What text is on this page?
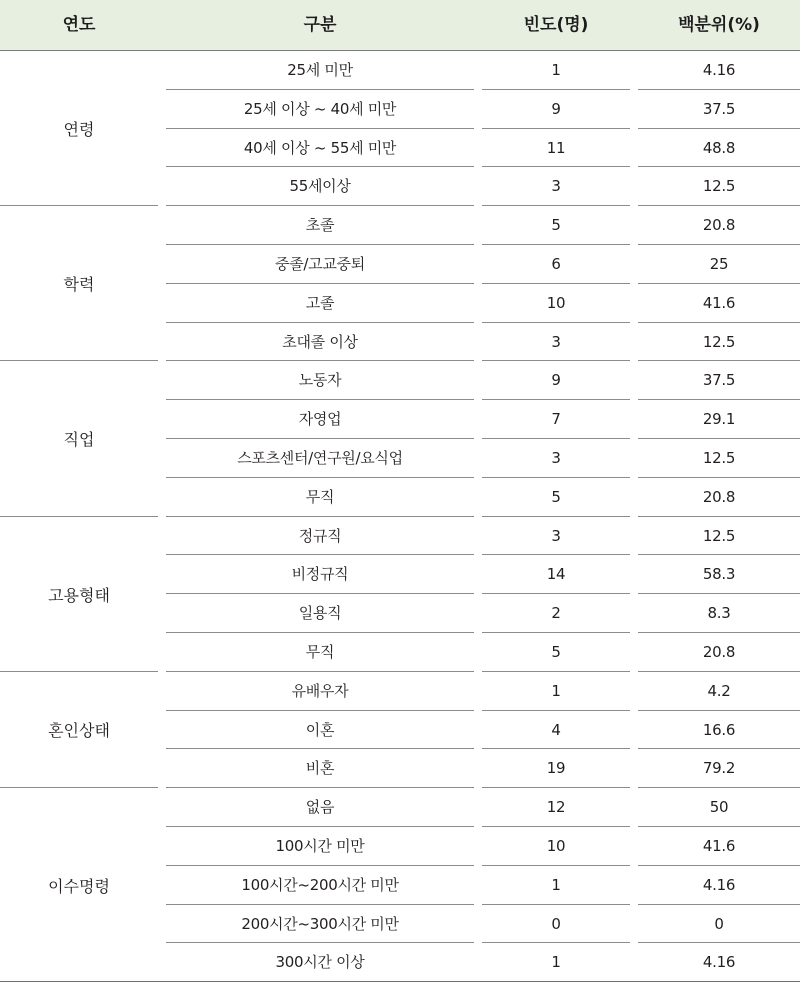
연도	구분	빈도(명)	백분위(%)
연령
25세 미만	1	4.16
25세 이상 ~ 40세 미만	9	37.5
40세 이상 ~ 55세 미만	11	48.8
55세이상	3	12.5
학력
초졸	5	20.8
중졸/고교중퇴	6	25
고졸	10	41.6
초대졸 이상	3	12.5
직업
노동자	9	37.5
자영업	7	29.1
스포츠센터/연구원/요식업	3	12.5
무직	5	20.8
고용형태
정규직	3	12.5
비정규직	14	58.3
일용직	2	8.3
무직	5	20.8
혼인상태
유배우자	1	4.2
이혼	4	16.6
비혼	19	79.2
이수명령
없음	12	50
100시간 미만	10	41.6
100시간~200시간 미만	1	4.16
200시간~300시간 미만	0	0
300시간 이상	1	4.16
